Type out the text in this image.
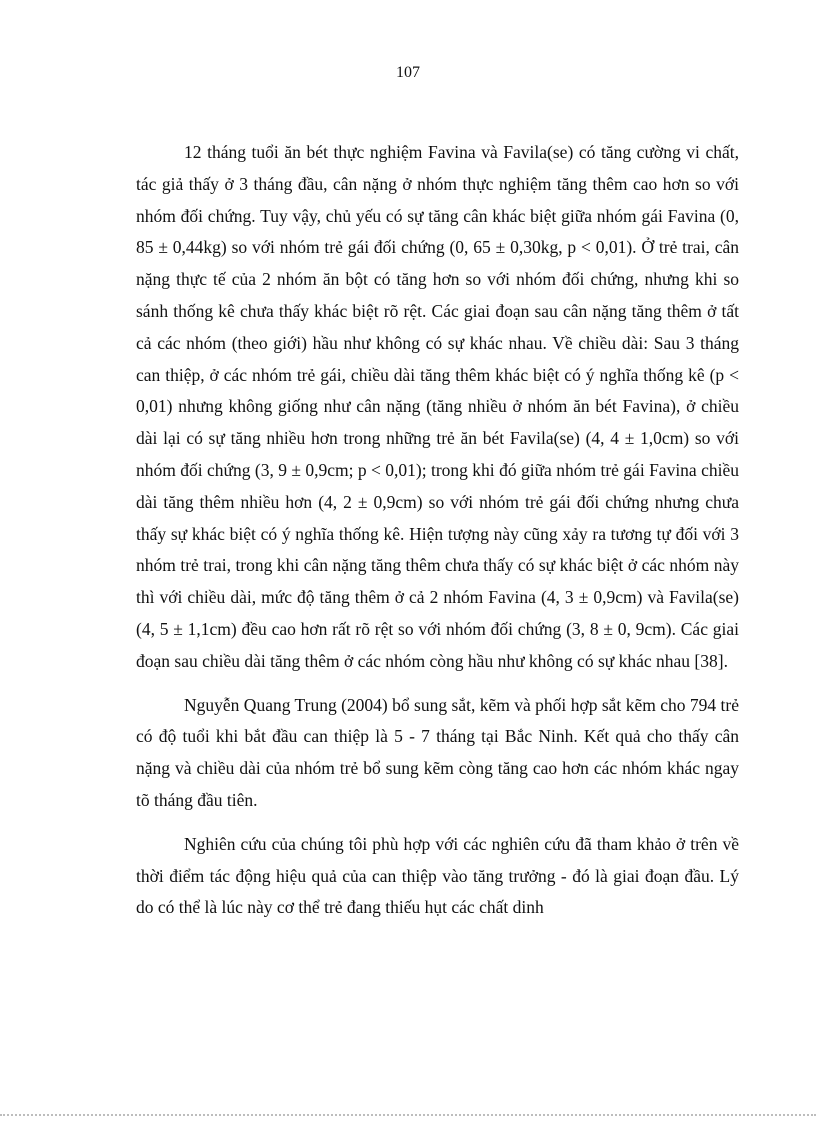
107

12 tháng tuổi ăn bét thực nghiệm Favina và Favila(se) có tăng cường vi chất, tác giả thấy ở 3 tháng đầu, cân nặng ở nhóm thực nghiệm tăng thêm cao hơn so với nhóm đối chứng. Tuy vậy, chủ yếu có sự tăng cân khác biệt giữa nhóm gái Favina (0, 85 ± 0,44kg) so với nhóm trẻ gái đối chứng (0, 65 ± 0,30kg, p < 0,01). Ở trẻ trai, cân nặng thực tế của 2 nhóm ăn bột có tăng hơn so với nhóm đối chứng, nhưng khi so sánh thống kê chưa thấy khác biệt rõ rệt. Các giai đoạn sau cân nặng tăng thêm ở tất cả các nhóm (theo giới) hầu như không có sự khác nhau. Về chiều dài: Sau 3 tháng can thiệp, ở các nhóm trẻ gái, chiều dài tăng thêm khác biệt có ý nghĩa thống kê (p < 0,01) nhưng không giống như cân nặng (tăng nhiều ở nhóm ăn bét Favina), ở chiều dài lại có sự tăng nhiều hơn trong những trẻ ăn bét Favila(se) (4, 4 ± 1,0cm) so với nhóm đối chứng (3, 9 ± 0,9cm; p < 0,01); trong khi đó giữa nhóm trẻ gái Favina chiều dài tăng thêm nhiều hơn (4, 2 ± 0,9cm) so với nhóm trẻ gái đối chứng nhưng chưa thấy sự khác biệt có ý nghĩa thống kê. Hiện tượng này cũng xảy ra tương tự đối với 3 nhóm trẻ trai, trong khi cân nặng tăng thêm chưa thấy có sự khác biệt ở các nhóm này thì với chiều dài, mức độ tăng thêm ở cả 2 nhóm Favina (4, 3 ± 0,9cm) và Favila(se) (4, 5 ± 1,1cm) đều cao hơn rất rõ rệt so với nhóm đối chứng (3, 8 ± 0, 9cm). Các giai đoạn sau chiều dài tăng thêm ở các nhóm còng hầu như không có sự khác nhau [38].

Nguyễn Quang Trung (2004) bổ sung sắt, kẽm và phối hợp sắt kẽm cho 794 trẻ có độ tuổi khi bắt đầu can thiệp là 5 - 7 tháng tại Bắc Ninh. Kết quả cho thấy cân nặng và chiều dài của nhóm trẻ bổ sung kẽm còng tăng cao hơn các nhóm khác ngay tõ tháng đầu tiên.

Nghiên cứu của chúng tôi phù hợp với các nghiên cứu đã tham khảo ở trên về thời điểm tác động hiệu quả của can thiệp vào tăng trưởng - đó là giai đoạn đầu. Lý do có thể là lúc này cơ thể trẻ đang thiếu hụt các chất dinh
